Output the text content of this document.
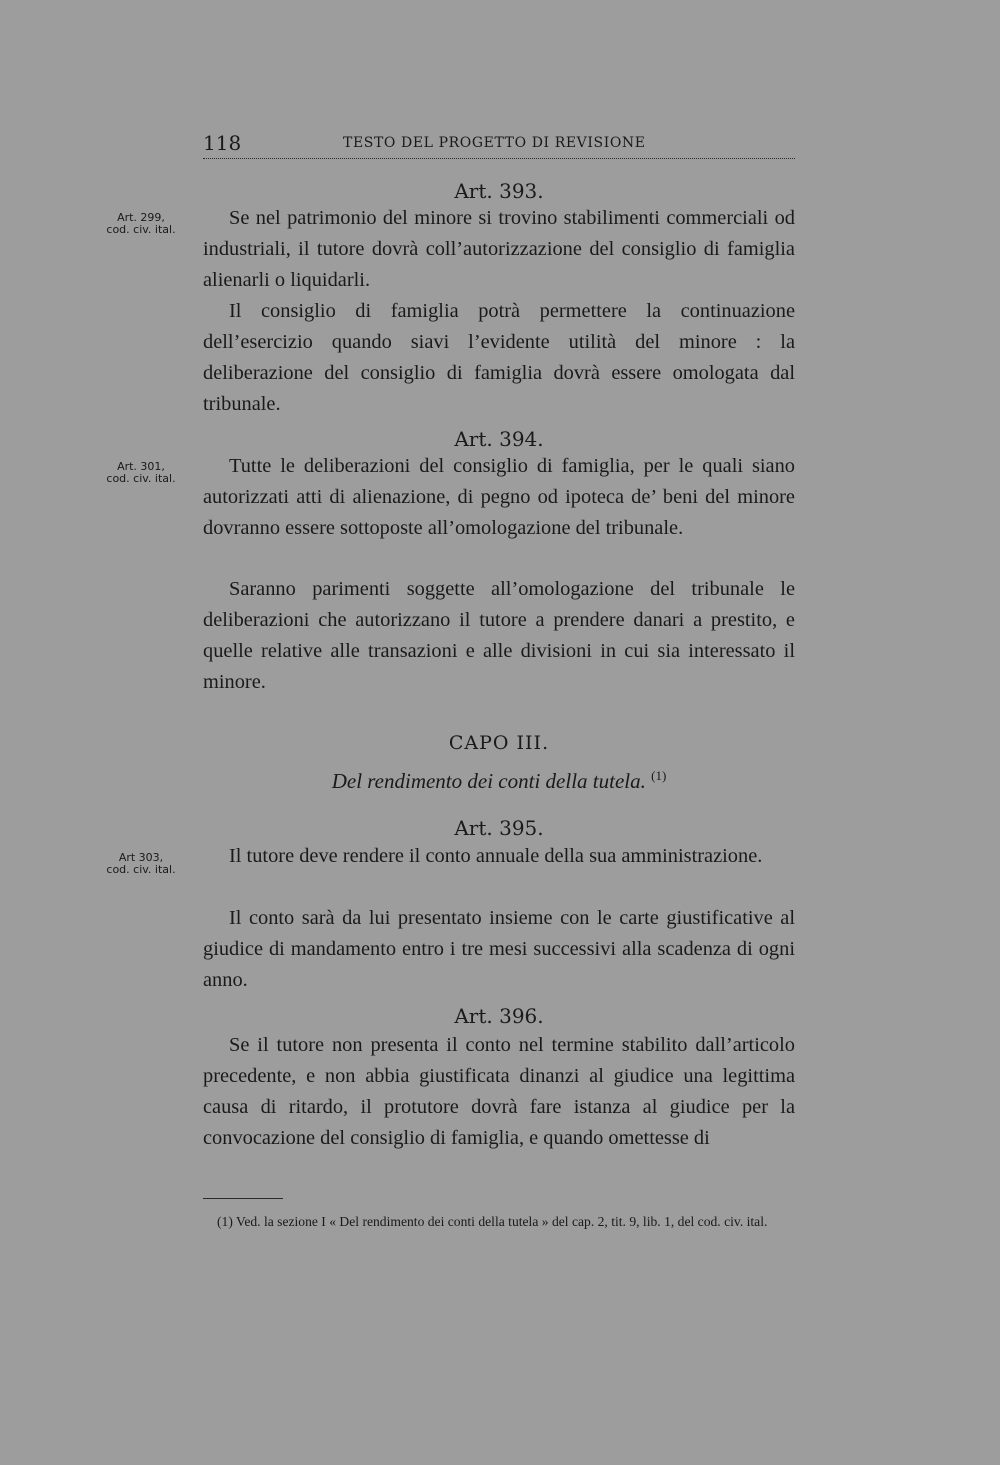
118	TESTO DEL PROGETTO DI REVISIONE
Art. 299,
cod. civ. ital.
Art. 301,
cod. civ. ital.
Art 303,
cod. civ. ital.
Art. 393.

Se nel patrimonio del minore si trovino stabilimenti commerciali od industriali, il tutore dovrà coll’autorizzazione del consiglio di famiglia alienarli o liquidarli.

Il consiglio di famiglia potrà permettere la continuazione dell’esercizio quando siavi l’evidente utilità del minore : la deliberazione del consiglio di famiglia dovrà essere omologata dal tribunale.

Art. 394.

Tutte le deliberazioni del consiglio di famiglia, per le quali siano autorizzati atti di alienazione, di pegno od ipoteca de’ beni del minore dovranno essere sottoposte all’omologazione del tribunale.

Saranno parimenti soggette all’omologazione del tribunale le deliberazioni che autorizzano il tutore a prendere danari a prestito, e quelle relative alle transazioni e alle divisioni in cui sia interessato il minore.

CAPO III.
Del rendimento dei conti della tutela. $^{(1)}$
Art. 395.

Il tutore deve rendere il conto annuale della sua amministrazione.

Il conto sarà da lui presentato insieme con le carte giustificative al giudice di mandamento entro i tre mesi successivi alla scadenza di ogni anno.

Art. 396.

Se il tutore non presenta il conto nel termine stabilito dall’articolo precedente, e non abbia giustificata dinanzi al giudice una legittima causa di ritardo, il protutore dovrà fare istanza al giudice per la convocazione del consiglio di famiglia, e quando omettesse di

(1) Ved. la sezione I « Del rendimento dei conti della tutela » del cap. 2, tit. 9, lib. 1, del cod. civ. ital.
